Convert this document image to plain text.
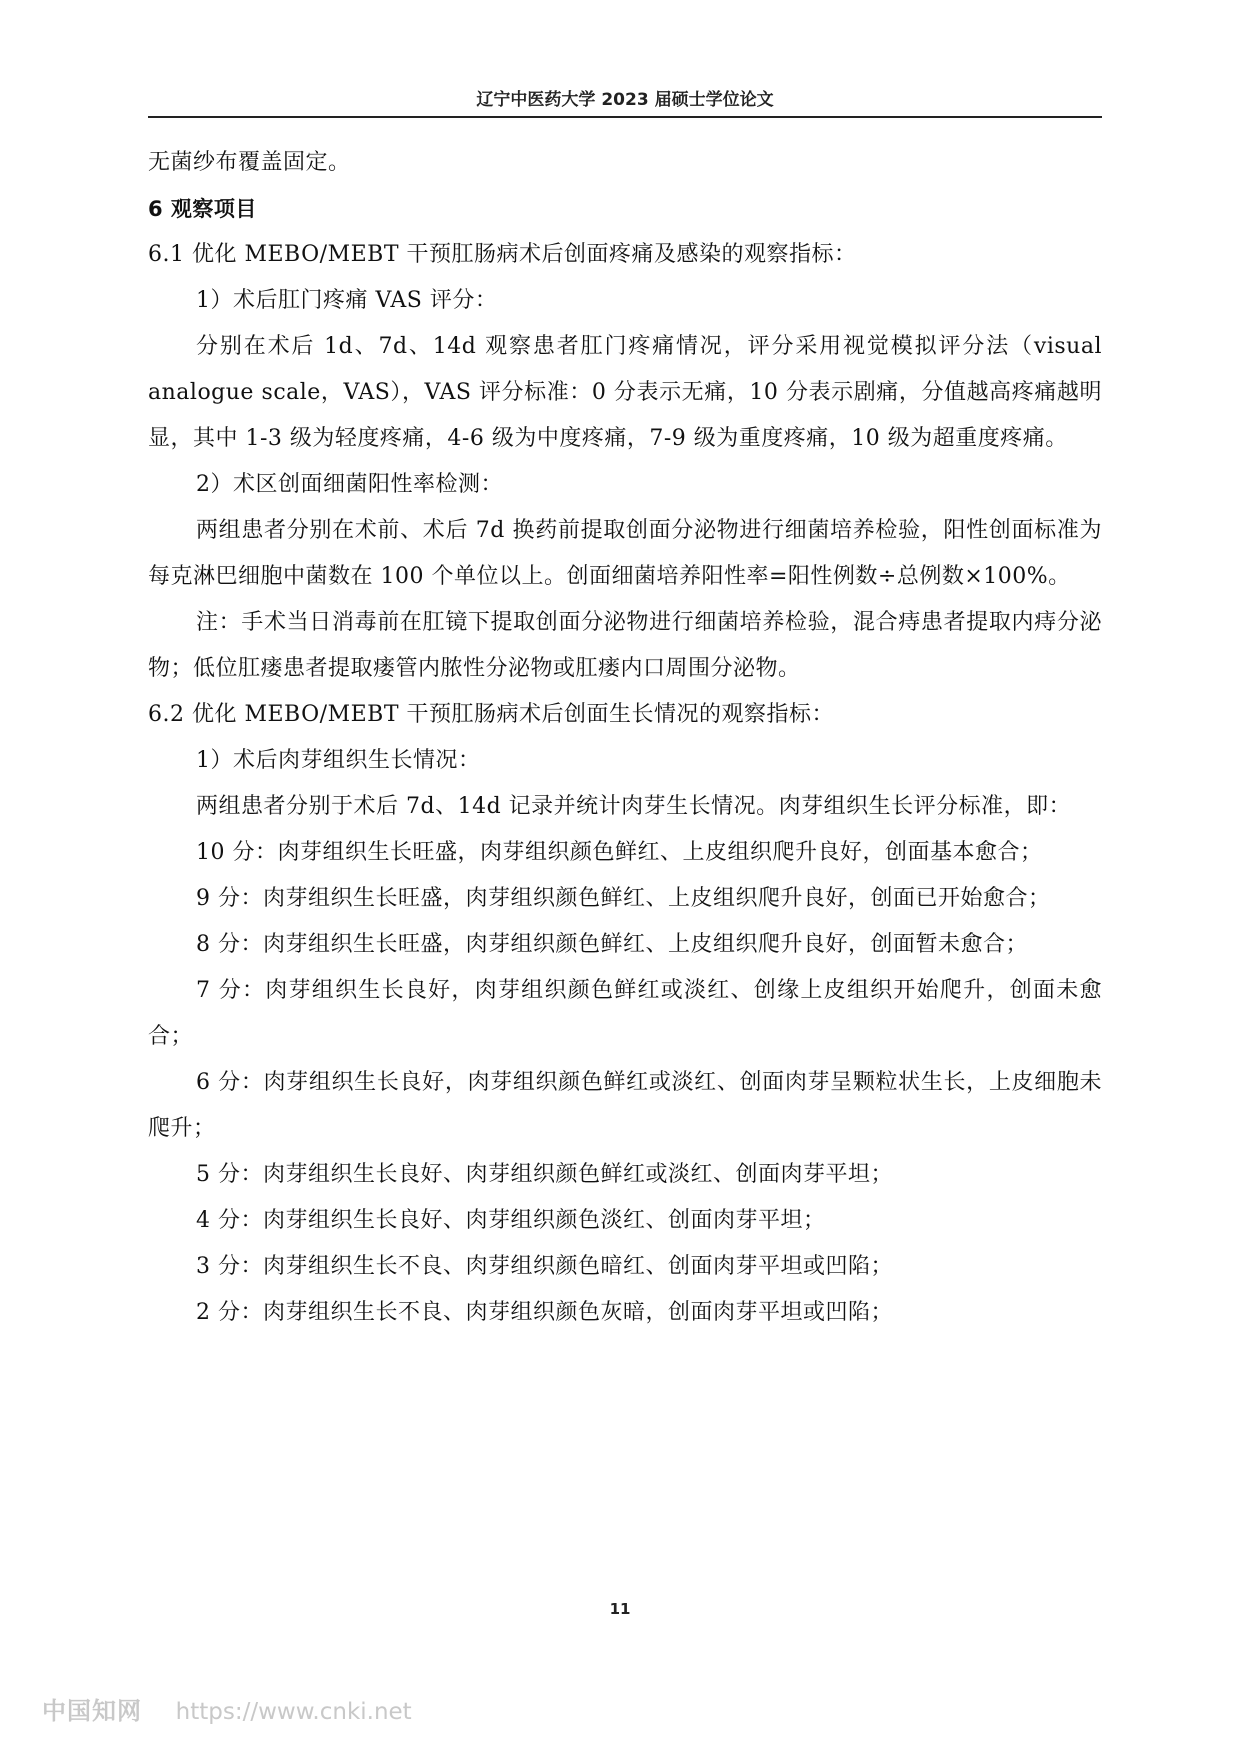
辽宁中医药大学 2023 届硕士学位论文

无菌纱布覆盖固定。

6 观察项目

6.1 优化 MEBO/MEBT 干预肛肠病术后创面疼痛及感染的观察指标：

1）术后肛门疼痛 VAS 评分：

分别在术后 1d、7d、14d 观察患者肛门疼痛情况，评分采用视觉模拟评分法（visual analogue scale，VAS），VAS 评分标准：0 分表示无痛，10 分表示剧痛，分值越高疼痛越明显，其中 1-3 级为轻度疼痛，4-6 级为中度疼痛，7-9 级为重度疼痛，10 级为超重度疼痛。

2）术区创面细菌阳性率检测：

两组患者分别在术前、术后 7d 换药前提取创面分泌物进行细菌培养检验，阳性创面标准为每克淋巴细胞中菌数在 100 个单位以上。创面细菌培养阳性率=阳性例数÷总例数×100%。

注：手术当日消毒前在肛镜下提取创面分泌物进行细菌培养检验，混合痔患者提取内痔分泌物；低位肛瘘患者提取瘘管内脓性分泌物或肛瘘内口周围分泌物。

6.2 优化 MEBO/MEBT 干预肛肠病术后创面生长情况的观察指标：

1）术后肉芽组织生长情况：

两组患者分别于术后 7d、14d 记录并统计肉芽生长情况。肉芽组织生长评分标准，即：

10 分：肉芽组织生长旺盛，肉芽组织颜色鲜红、上皮组织爬升良好，创面基本愈合；

9 分：肉芽组织生长旺盛，肉芽组织颜色鲜红、上皮组织爬升良好，创面已开始愈合；

8 分：肉芽组织生长旺盛，肉芽组织颜色鲜红、上皮组织爬升良好，创面暂未愈合；

7 分：肉芽组织生长良好，肉芽组织颜色鲜红或淡红、创缘上皮组织开始爬升，创面未愈合；

6 分：肉芽组织生长良好，肉芽组织颜色鲜红或淡红、创面肉芽呈颗粒状生长，上皮细胞未爬升；

5 分：肉芽组织生长良好、肉芽组织颜色鲜红或淡红、创面肉芽平坦；

4 分：肉芽组织生长良好、肉芽组织颜色淡红、创面肉芽平坦；

3 分：肉芽组织生长不良、肉芽组织颜色暗红、创面肉芽平坦或凹陷；

2 分：肉芽组织生长不良、肉芽组织颜色灰暗，创面肉芽平坦或凹陷；

11
中国知网 https://www.cnki.net
